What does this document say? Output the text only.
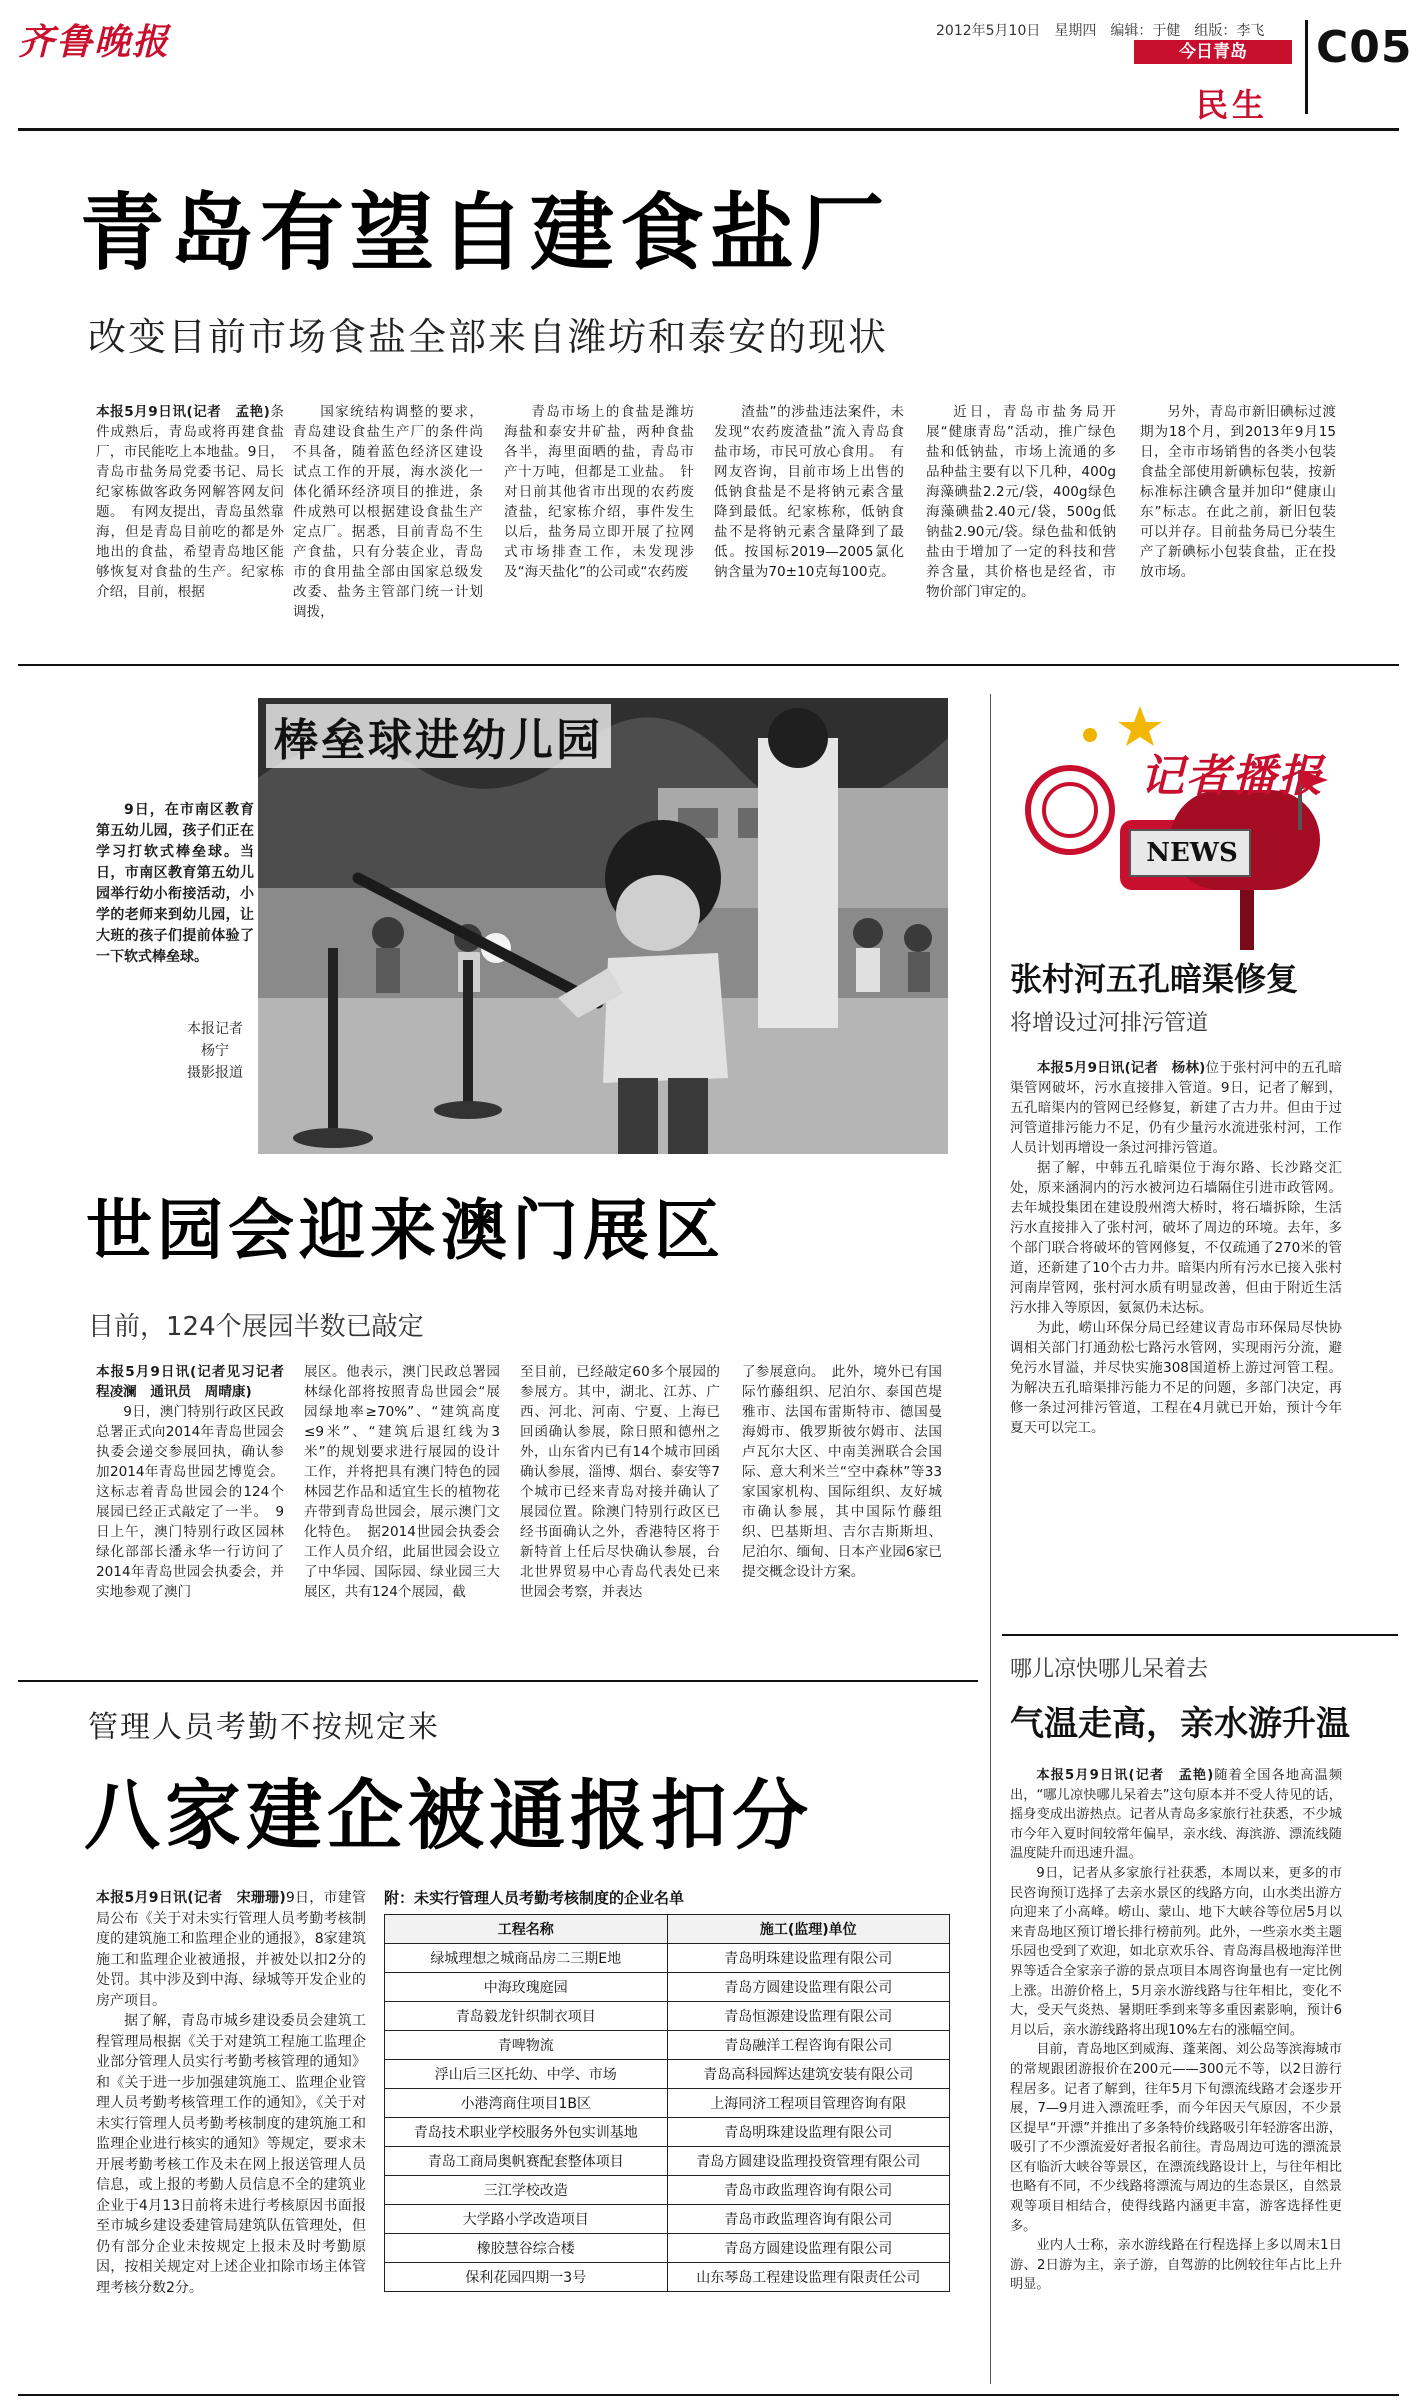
齐鲁晚报	2012年5月10日　星期四　编辑：于健　组版：李飞
今日青岛
民生
C05
青岛有望自建食盐厂
改变目前市场食盐全部来自潍坊和泰安的现状

本报5月9日讯(记者　孟艳)条件成熟后，青岛或将再建食盐厂，市民能吃上本地盐。9日，青岛市盐务局党委书记、局长纪家栋做客政务网解答网友问题。　有网友提出，青岛虽然靠海，但是青岛目前吃的都是外地出的食盐，希望青岛地区能够恢复对食盐的生产。纪家栋介绍，目前，根据

国家统结构调整的要求，青岛建设食盐生产厂的条件尚不具备，随着蓝色经济区建设试点工作的开展，海水淡化一体化循环经济项目的推进，条件成熟可以根据建设食盐生产定点厂。据悉，目前青岛不生产食盐，只有分装企业，青岛市的食用盐全部由国家总级发改委、盐务主管部门统一计划调拨，

青岛市场上的食盐是潍坊海盐和泰安井矿盐，两种食盐各半，海里面晒的盐，青岛市产十万吨，但都是工业盐。　针对日前其他省市出现的农药废渣盐，纪家栋介绍，事件发生以后，盐务局立即开展了拉网式市场排查工作，未发现涉及“海天盐化”的公司或“农药废

渣盐”的涉盐违法案件，未发现“农药废渣盐”流入青岛食盐市场，市民可放心食用。　有网友咨询，目前市场上出售的低钠食盐是不是将钠元素含量降到最低。纪家栋称，低钠食盐不是将钠元素含量降到了最低。按国标2019—2005氯化钠含量为70±10克每100克。

近日，青岛市盐务局开展“健康青岛”活动，推广绿色盐和低钠盐，市场上流通的多品种盐主要有以下几种，400g海藻碘盐2.2元/袋，400g绿色海藻碘盐2.40元/袋，500g低钠盐2.90元/袋。绿色盐和低钠盐由于增加了一定的科技和营养含量，其价格也是经省，市物价部门审定的。

另外，青岛市新旧碘标过渡期为18个月，到2013年9月15日，全市市场销售的各类小包装食盐全部使用新碘标包装，按新标准标注碘含量并加印“健康山东”标志。在此之前，新旧包装可以并存。目前盐务局已分装生产了新碘标小包装食盐，正在投放市场。

9日，在市南区教育第五幼儿园，孩子们正在学习打软式棒垒球。当日，市南区教育第五幼儿园举行幼小衔接活动，小学的老师来到幼儿园，让大班的孩子们提前体验了一下软式棒垒球。

本报记者
杨宁
摄影报道
棒垒球进幼儿园
世园会迎来澳门展区
目前，124个展园半数已敲定

本报5月9日讯(记者见习记者　程凌澜　通讯员　周晴康)

9日，澳门特别行政区民政总署正式向2014年青岛世园会执委会递交参展回执，确认参加2014年青岛世园艺博览会。这标志着青岛世园会的124个展园已经正式敲定了一半。　9日上午，澳门特别行政区园林绿化部部长潘永华一行访问了2014年青岛世园会执委会，并实地参观了澳门

展区。他表示，澳门民政总署园林绿化部将按照青岛世园会“展园绿地率≥70%”、“建筑高度≤9米”、“建筑后退红线为3米”的规划要求进行展园的设计工作，并将把具有澳门特色的园林园艺作品和适宜生长的植物花卉带到青岛世园会，展示澳门文化特色。　据2014世园会执委会工作人员介绍，此届世园会设立了中华园、国际园、绿业园三大展区，共有124个展园，截

至目前，已经敲定60多个展园的参展方。其中，湖北、江苏、广西、河北、河南、宁夏、上海已回函确认参展，除日照和德州之外，山东省内已有14个城市回函确认参展，淄博、烟台、泰安等7个城市已经来青岛对接并确认了展园位置。除澳门特别行政区已经书面确认之外，香港特区将于新特首上任后尽快确认参展，台北世界贸易中心青岛代表处已来世园会考察，并表达

了参展意向。　此外，境外已有国际竹藤组织、尼泊尔、泰国芭堤雅市、法国布雷斯特市、德国曼海姆市、俄罗斯彼尔姆市、法国卢瓦尔大区、中南美洲联合会国际、意大利米兰“空中森林”等33家国家机构、国际组织、友好城市确认参展，其中国际竹藤组织、巴基斯坦、吉尔吉斯斯坦、尼泊尔、缅甸、日本产业园6家已提交概念设计方案。

管理人员考勤不按规定来
八家建企被通报扣分

本报5月9日讯(记者　宋珊珊)9日，市建管局公布《关于对未实行管理人员考勤考核制度的建筑施工和监理企业的通报》，8家建筑施工和监理企业被通报，并被处以扣2分的处罚。其中涉及到中海、绿城等开发企业的房产项目。

据了解，青岛市城乡建设委员会建筑工程管理局根据《关于对建筑工程施工监理企业部分管理人员实行考勤考核管理的通知》和《关于进一步加强建筑施工、监理企业管理人员考勤考核管理工作的通知》，《关于对未实行管理人员考勤考核制度的建筑施工和监理企业进行核实的通知》等规定，要求未开展考勤考核工作及未在网上报送管理人员信息，或上报的考勤人员信息不全的建筑业企业于4月13日前将未进行考核原因书面报至市城乡建设委建管局建筑队伍管理处，但仍有部分企业未按规定上报未及时考勤原因，按相关规定对上述企业扣除市场主体管理考核分数2分。

附：未实行管理人员考勤考核制度的企业名单
工程名称	施工(监理)单位
绿城理想之城商品房二三期E地	青岛明珠建设监理有限公司
中海玫瑰庭园	青岛方圆建设监理有限公司
青岛毅龙针织制衣项目	青岛恒源建设监理有限公司
青啤物流	青岛融洋工程咨询有限公司
浮山后三区托幼、中学、市场	青岛高科园辉达建筑安装有限公司
小港湾商住项目1B区	上海同济工程项目管理咨询有限
青岛技术职业学校服务外包实训基地	青岛明珠建设监理有限公司
青岛工商局奥帆赛配套整体项目	青岛方圆建设监理投资管理有限公司
三江学校改造	青岛市政监理咨询有限公司
大学路小学改造项目	青岛市政监理咨询有限公司
橡胶慧谷综合楼	青岛方圆建设监理有限公司
保利花园四期一3号	山东琴岛工程建设监理有限责任公司
记者播报
NEWS
张村河五孔暗渠修复
将增设过河排污管道

本报5月9日讯(记者　杨林)位于张村河中的五孔暗渠管网破坏，污水直接排入管道。9日，记者了解到，五孔暗渠内的管网已经修复，新建了古力井。但由于过河管道排污能力不足，仍有少量污水流进张村河，工作人员计划再增设一条过河排污管道。

据了解，中韩五孔暗渠位于海尔路、长沙路交汇处，原来涵洞内的污水被河边石墙隔住引进市政管网。去年城投集团在建设殷州湾大桥时，将石墙拆除，生活污水直接排入了张村河，破坏了周边的环境。去年，多个部门联合将破坏的管网修复，不仅疏通了270米的管道，还新建了10个古力井。暗渠内所有污水已接入张村河南岸管网，张村河水质有明显改善，但由于附近生活污水排入等原因，氨氮仍未达标。

为此，崂山环保分局已经建议青岛市环保局尽快协调相关部门打通劲松七路污水管网，实现雨污分流，避免污水冒溢，并尽快实施308国道桥上游过河管工程。为解决五孔暗渠排污能力不足的问题，多部门决定，再修一条过河排污管道，工程在4月就已开始，预计今年夏天可以完工。

哪儿凉快哪儿呆着去
气温走高，亲水游升温

本报5月9日讯(记者　孟艳)随着全国各地高温频出，“哪儿凉快哪儿呆着去”这句原本并不受人待见的话，摇身变成出游热点。记者从青岛多家旅行社获悉，不少城市今年入夏时间较常年偏早，亲水线、海滨游、漂流线随温度陡升而迅速升温。

9日，记者从多家旅行社获悉，本周以来，更多的市民咨询预订选择了去亲水景区的线路方向，山水类出游方向迎来了小高峰。崂山、蒙山、地下大峡谷等位居5月以来青岛地区预订增长排行榜前列。此外，一些亲水类主题乐园也受到了欢迎，如北京欢乐谷、青岛海昌极地海洋世界等适合全家亲子游的景点项目本周咨询量也有一定比例上涨。出游价格上，5月亲水游线路与往年相比，变化不大，受天气炎热、暑期旺季到来等多重因素影响，预计6月以后，亲水游线路将出现10%左右的涨幅空间。

目前，青岛地区到威海、蓬莱阁、刘公岛等滨海城市的常规跟团游报价在200元——300元不等，以2日游行程居多。记者了解到，往年5月下旬漂流线路才会逐步开展，7—9月进入漂流旺季，而今年因天气原因，不少景区提早“开漂”并推出了多条特价线路吸引年轻游客出游，吸引了不少漂流爱好者报名前往。青岛周边可选的漂流景区有临沂大峡谷等景区，在漂流线路设计上，与往年相比也略有不同，不少线路将漂流与周边的生态景区，自然景观等项目相结合，使得线路内涵更丰富，游客选择性更多。

业内人士称，亲水游线路在行程选择上多以周末1日游、2日游为主，亲子游，自驾游的比例较往年占比上升明显。
